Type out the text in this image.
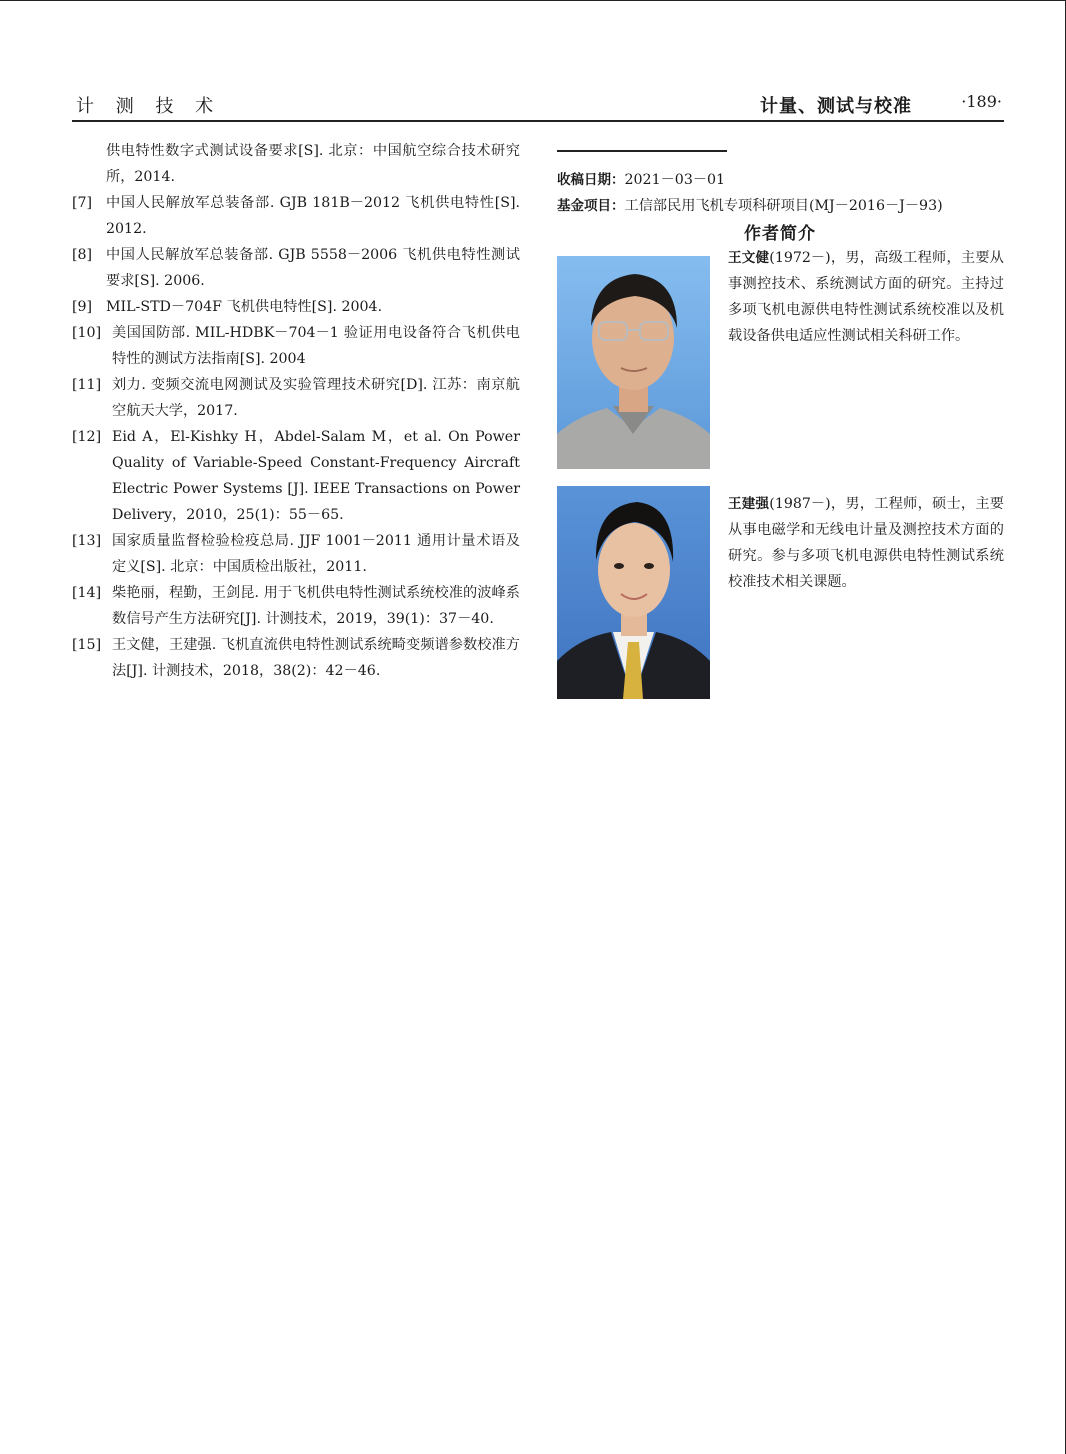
计 测 技 术	计量、测试与校准	·189·
供电特性数字式测试设备要求[S]. 北京：中国航空综合技术研究所，2014.
[7] 中国人民解放军总装备部. GJB 181B－2012 飞机供电特性[S]. 2012.
[8] 中国人民解放军总装备部. GJB 5558－2006 飞机供电特性测试要求[S]. 2006.
[9] MIL-STD－704F 飞机供电特性[S]. 2004.
[10] 美国国防部. MIL-HDBK－704－1 验证用电设备符合飞机供电特性的测试方法指南[S]. 2004
[11] 刘力. 变频交流电网测试及实验管理技术研究[D]. 江苏：南京航空航天大学，2017.
[12] Eid A，El-Kishky H，Abdel-Salam M，et al. On Power Quality of Variable-Speed Constant-Frequency Aircraft Electric Power Systems [J]. IEEE Transactions on Power Delivery，2010，25(1)：55－65.
[13] 国家质量监督检验检疫总局. JJF 1001－2011 通用计量术语及定义[S]. 北京：中国质检出版社，2011.
[14] 柴艳丽，程勤，王剑昆. 用于飞机供电特性测试系统校准的波峰系数信号产生方法研究[J]. 计测技术，2019，39(1)：37－40.
[15] 王文健，王建强. 飞机直流供电特性测试系统畸变频谱参数校准方法[J]. 计测技术，2018，38(2)：42－46.
收稿日期：2021－03－01
基金项目：工信部民用飞机专项科研项目(MJ－2016－J－93)
作者简介
王文健(1972－)，男，高级工程师，主要从事测控技术、系统测试方面的研究。主持过多项飞机电源供电特性测试系统校准以及机载设备供电适应性测试相关科研工作。
王建强(1987－)，男，工程师，硕士，主要从事电磁学和无线电计量及测控技术方面的研究。参与多项飞机电源供电特性测试系统校准技术相关课题。
